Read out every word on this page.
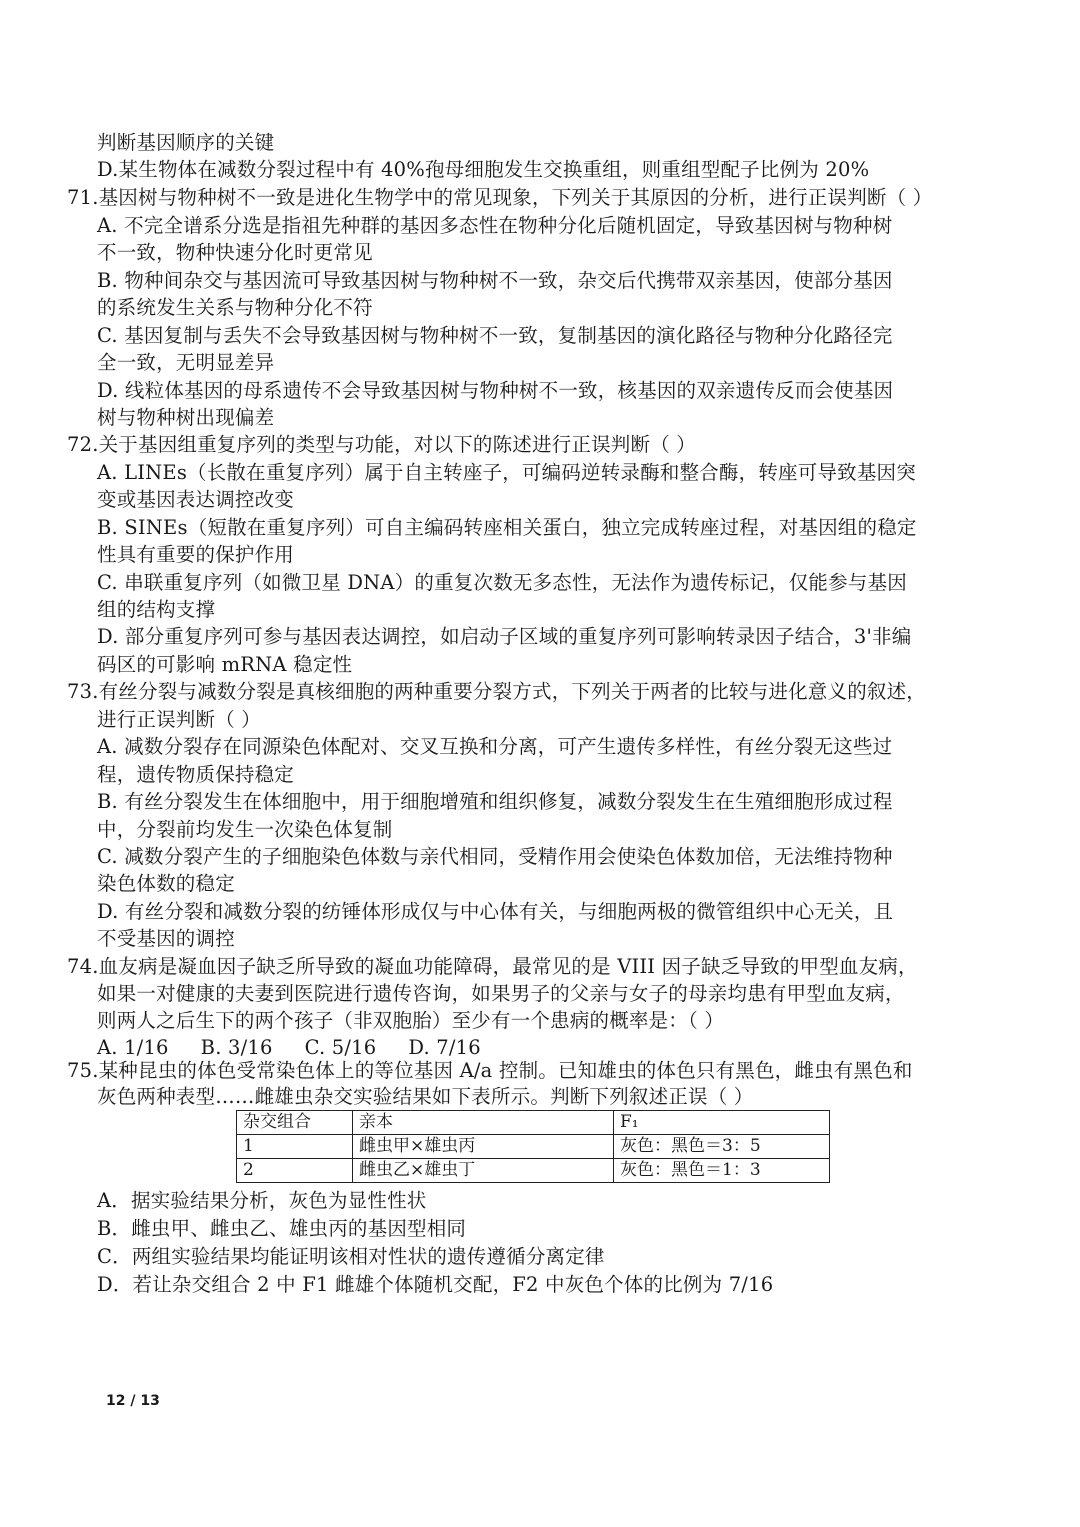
判断基因顺序的关键
D.某生物体在减数分裂过程中有 40%孢母细胞发生交换重组，则重组型配子比例为 20%
71.基因树与物种树不一致是进化生物学中的常见现象，下列关于其原因的分析，进行正误判断（ ）
A. 不完全谱系分选是指祖先种群的基因多态性在物种分化后随机固定，导致基因树与物种树
不一致，物种快速分化时更常见
B. 物种间杂交与基因流可导致基因树与物种树不一致，杂交后代携带双亲基因，使部分基因
的系统发生关系与物种分化不符
C. 基因复制与丢失不会导致基因树与物种树不一致，复制基因的演化路径与物种分化路径完
全一致，无明显差异
D. 线粒体基因的母系遗传不会导致基因树与物种树不一致，核基因的双亲遗传反而会使基因
树与物种树出现偏差
72.关于基因组重复序列的类型与功能，对以下的陈述进行正误判断（ ）
A. LINEs（长散在重复序列）属于自主转座子，可编码逆转录酶和整合酶，转座可导致基因突
变或基因表达调控改变
B. SINEs（短散在重复序列）可自主编码转座相关蛋白，独立完成转座过程，对基因组的稳定
性具有重要的保护作用
C. 串联重复序列（如微卫星 DNA）的重复次数无多态性，无法作为遗传标记，仅能参与基因
组的结构支撑
D. 部分重复序列可参与基因表达调控，如启动子区域的重复序列可影响转录因子结合，3'非编
码区的可影响 mRNA 稳定性
73.有丝分裂与减数分裂是真核细胞的两种重要分裂方式，下列关于两者的比较与进化意义的叙述，
进行正误判断（ ）
A. 减数分裂存在同源染色体配对、交叉互换和分离，可产生遗传多样性，有丝分裂无这些过
程，遗传物质保持稳定
B. 有丝分裂发生在体细胞中，用于细胞增殖和组织修复，减数分裂发生在生殖细胞形成过程
中，分裂前均发生一次染色体复制
C. 减数分裂产生的子细胞染色体数与亲代相同，受精作用会使染色体数加倍，无法维持物种
染色体数的稳定
D. 有丝分裂和减数分裂的纺锤体形成仅与中心体有关，与细胞两极的微管组织中心无关，且
不受基因的调控
74.血友病是凝血因子缺乏所导致的凝血功能障碍，最常见的是 VIII 因子缺乏导致的甲型血友病，
如果一对健康的夫妻到医院进行遗传咨询，如果男子的父亲与女子的母亲均患有甲型血友病，
则两人之后生下的两个孩子（非双胞胎）至少有一个患病的概率是：（ ）
A. 1/16     B. 3/16     C. 5/16     D. 7/16
75.某种昆虫的体色受常染色体上的等位基因 A/a 控制。已知雄虫的体色只有黑色，雌虫有黑色和
灰色两种表型……雌雄虫杂交实验结果如下表所示。判断下列叙述正误（ ）
杂交组合	亲本	F₁
1	雌虫甲×雄虫丙	灰色：黑色＝3：5
2	雌虫乙×雄虫丁	灰色：黑色＝1：3
A．据实验结果分析，灰色为显性性状
B．雌虫甲、雌虫乙、雄虫丙的基因型相同
C．两组实验结果均能证明该相对性状的遗传遵循分离定律
D．若让杂交组合 2 中 F1 雌雄个体随机交配，F2 中灰色个体的比例为 7/16
12 / 13
